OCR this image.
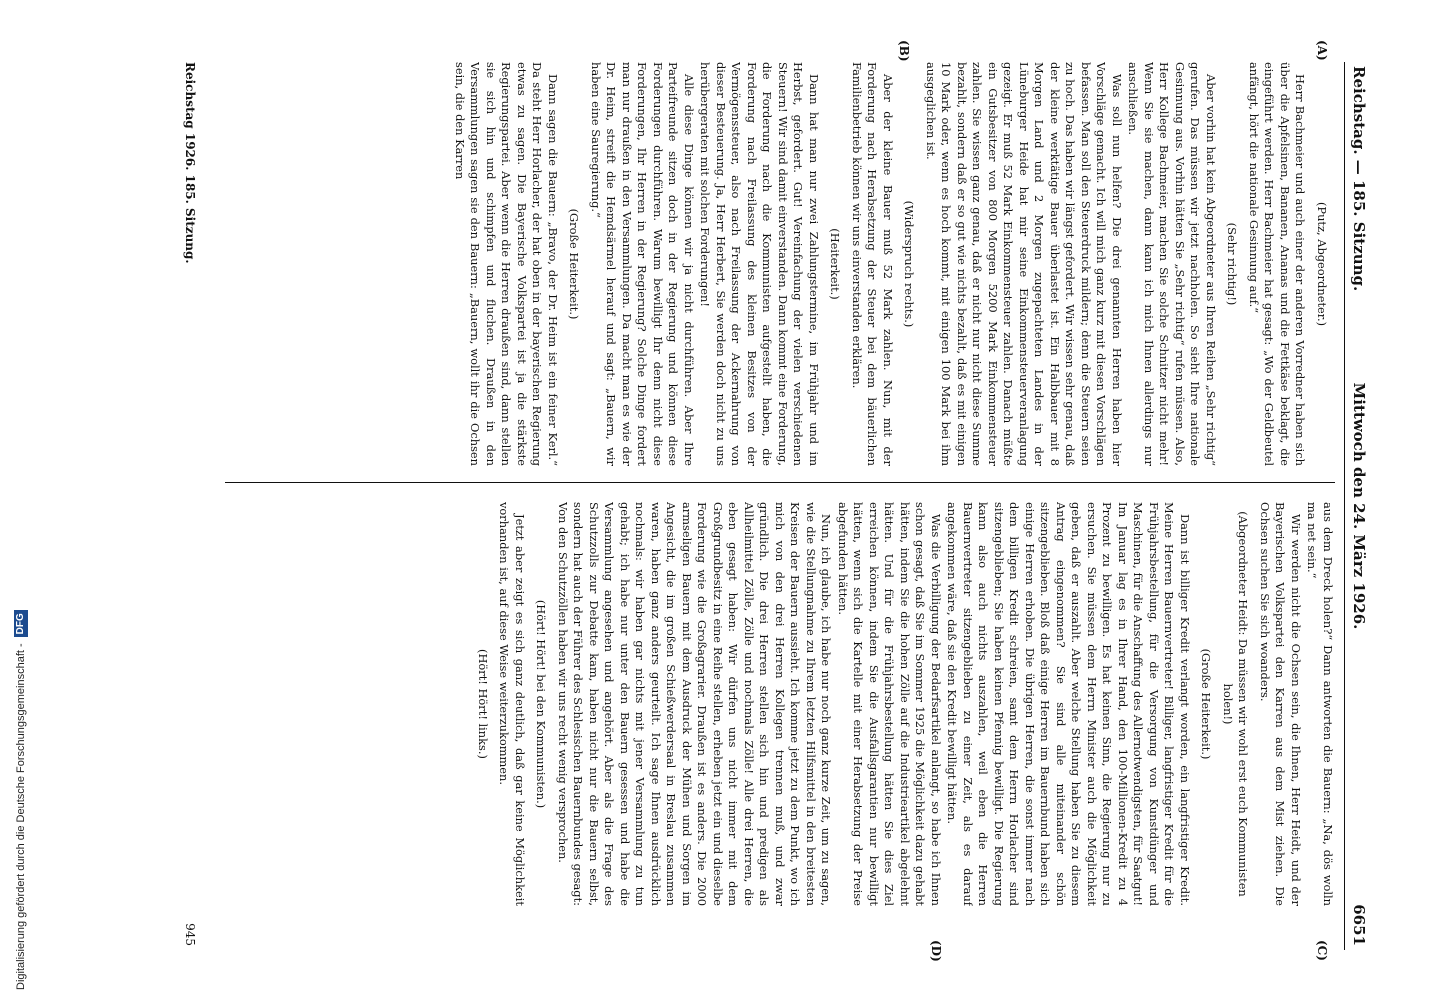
Digitalisierung gefördert durch die Deutsche Forschungsgemeinschaft -
DFG
Reichstag. — 185. Sitzung.
Mittwoch den 24. März 1926.
6651
(A)
(B)
(C)
(D)

(Putz, Abgeordneter.)

Herr Bachmeier und auch einer der anderen Vorredner haben sich über die Apfelsinen, Bananen, Ananas und die Fettkäse beklagt, die eingeführt werden. Herr Bachmeier hat gesagt: „Wo der Geldbeutel anfängt, hört die nationale Gesinnung auf.“

(Sehr richtig!)

Aber vorhin hat kein Abgeordneter aus Ihren Reihen „Sehr richtig“ gerufen. Das müssen wir jetzt nachholen. So sieht Ihre nationale Gesinnung aus. Vorhin hätten Sie „Sehr richtig“ rufen müssen. Also, Herr Kollege Bachmeier, machen Sie solche Schnitzer nicht mehr! Wenn Sie sie machen, dann kann ich mich Ihnen allerdings nur anschließen.

Was soll nun helfen? Die drei genannten Herren haben hier Vorschläge gemacht. Ich will mich ganz kurz mit diesen Vorschlägen befassen. Man soll den Steuerdruck mildern; denn die Steuern seien zu hoch. Das haben wir längst gefordert. Wir wissen sehr genau, daß der kleine werktätige Bauer überlastet ist. Ein Halbbauer mit 8 Morgen Land und 2 Morgen zugepachteten Landes in der Lüneburger Heide hat mir seine Einkommensteuerveranlagung gezeigt. Er muß 52 Mark Einkommensteuer zahlen. Danach müßte ein Gutsbesitzer von 800 Morgen 5200 Mark Einkommensteuer zahlen. Sie wissen ganz genau, daß er nicht nur nicht diese Summe bezahlt, sondern daß er so gut wie nichts bezahlt, daß es mit einigen 10 Mark oder, wenn es hoch kommt, mit einigen 100 Mark bei ihm ausgeglichen ist.

(Widerspruch rechts.)

Aber der kleine Bauer muß 52 Mark zahlen. Nun, mit der Forderung nach Herabsetzung der Steuer bei dem bäuerlichen Familienbetrieb können wir uns einverstanden erklären.

(Heiterkeit.)

Dann hat man nur zwei Zahlungstermine, im Frühjahr und im Herbst, gefordert. Gut! Vereinfachung der vielen verschiedenen Steuern! Wir sind damit einverstanden. Dann kommt eine Forderung, die Forderung nach die Kommunisten aufgestellt haben, die Forderung nach Freilassung des kleinen Besitzes von der Vermögenssteuer, also nach Freilassung der Ackernahrung von dieser Besteuerung. Ja, Herr Herbert, Sie werden doch nicht zu uns herübergeraten mit solchen Forderungen!

Alle diese Dinge können wir ja nicht durchführen. Aber Ihre Parteifreunde sitzen doch in der Regierung und können diese Forderungen durchführen. Warum bewilligt Ihr denn nicht diese Forderungen, Ihr Herren in der Regierung? Solche Dinge fordert man nur draußen in den Versammlungen. Da macht man es wie der Dr. Heim, streift die Hemdsärmel herauf und sagt: „Bauern, wir haben eine Sauregierung.“

(Große Heiterkeit.)

Dann sagen die Bauern: „Bravo, der Dr. Heim ist ein feiner Kerl.“ Da steht Herr Horlacher, der hat oben in der bayerischen Regierung etwas zu sagen. Die Bayerische Volkspartei ist ja die stärkste Regierungspartei. Aber wenn die Herren draußen sind, dann stellen sie sich hin und schimpfen und fluchen. Draußen in den Versammlungen sagen sie den Bauern: „Bauern, wollt ihr die Ochsen sein, die den Karren

aus dem Dreck holen?“ Dann antworten die Bauern: „Na, dös wolln ma net sein.“

Wir werden nicht die Ochsen sein, die Ihnen, Herr Heidt, und der Bayerischen Volkspartei den Karren aus dem Mist ziehen. Die Ochsen suchen Sie sich woanders.

(Abgeordneter Heidt: Da müssen wir wohl erst euch Kommunisten holen!)

(Große Heiterkeit.)

Dann ist billiger Kredit verlangt worden, ein langfristiger Kredit. Meine Herren Bauernvertreter! Billiger, langfristiger Kredit für die Frühjahrsbestellung, für die Versorgung von Kunstdünger und Maschinen, für die Anschaffung des Allernotwendigsten, für Saatgut! Im Januar lag es in Ihrer Hand, den 100-Millionen-Kredit zu 4 Prozent zu bewilligen. Es hat keinen Sinn, die Regierung nur zu ersuchen. Sie müssen dem Herrn Minister auch die Möglichkeit geben, daß er auszahlt. Aber welche Stellung haben Sie zu diesem Antrag eingenommen? Sie sind alle miteinander schön sitzengeblieben. Bloß daß einige Herren im Bauernbund haben sich einige Herren erhoben. Die übrigen Herren, die sonst immer nach dem billigen Kredit schreien, samt dem Herrn Horlacher sind sitzengeblieben; Sie haben keinen Pfennig bewilligt. Die Regierung kann also auch nichts auszahlen, weil eben die Herren Bauernvertreter sitzengeblieben zu einer Zeit, als es darauf angekommen wäre, daß sie den Kredit bewilligt hätten.

Was die Verbilligung der Bedarfsartikel anlangt, so habe ich Ihnen schon gesagt, daß Sie im Sommer 1925 die Möglichkeit dazu gehabt hätten, indem Sie die hohen Zölle auf die Industrieartikel abgelehnt hätten. Und für die Frühjahrsbestellung hätten Sie dies Ziel erreichen können, indem Sie die Ausfallsgarantien nur bewilligt hätten, wenn sich die Kartelle mit einer Herabsetzung der Preise abgefunden hätten.

Nun, ich glaube, ich habe nur noch ganz kurze Zeit, um zu sagen, wie die Stellungnahme zu Ihrem letzten Hilfsmittel in den breitesten Kreisen der Bauern aussieht. Ich komme jetzt zu dem Punkt, wo ich mich von den drei Herren Kollegen trennen muß, und zwar gründlich. Die drei Herren stellen sich hin und predigen als Allheilmittel Zölle, Zölle und nochmals Zölle! Alle drei Herren, die eben gesagt haben: Wir dürfen uns nicht immer mit dem Großgrundbesitz in eine Reihe stellen, erheben jetzt ein und dieselbe Forderung wie die Großagrarier. Draußen ist es anders. Die 2000 armseligen Bauern mit dem Ausdruck der Mühen und Sorgen im Angesicht, die im großen Schießwerdersaal in Breslau zusammen waren, haben ganz anders geurteilt. Ich sage Ihnen ausdrücklich nochmals: wir haben gar nichts mit jener Versammlung zu tun gehabt; ich habe nur unter den Bauern gesessen und habe die Versammlung angesehen und angehört. Aber als die Frage des Schutzzolls zur Debatte kam, haben nicht nur die Bauern selbst, sondern hat auch der Führer des Schlesischen Bauernbundes gesagt: Von den Schutzzöllen haben wir uns recht wenig versprochen.

(Hört! Hört! bei den Kommunisten.)

Jetzt aber zeigt es sich ganz deutlich, daß gar keine Möglichkeit vorhanden ist, auf diese Weise weiterzukommen.

(Hört! Hört! links.)

Reichstag 1926. 185. Sitzung.
945
